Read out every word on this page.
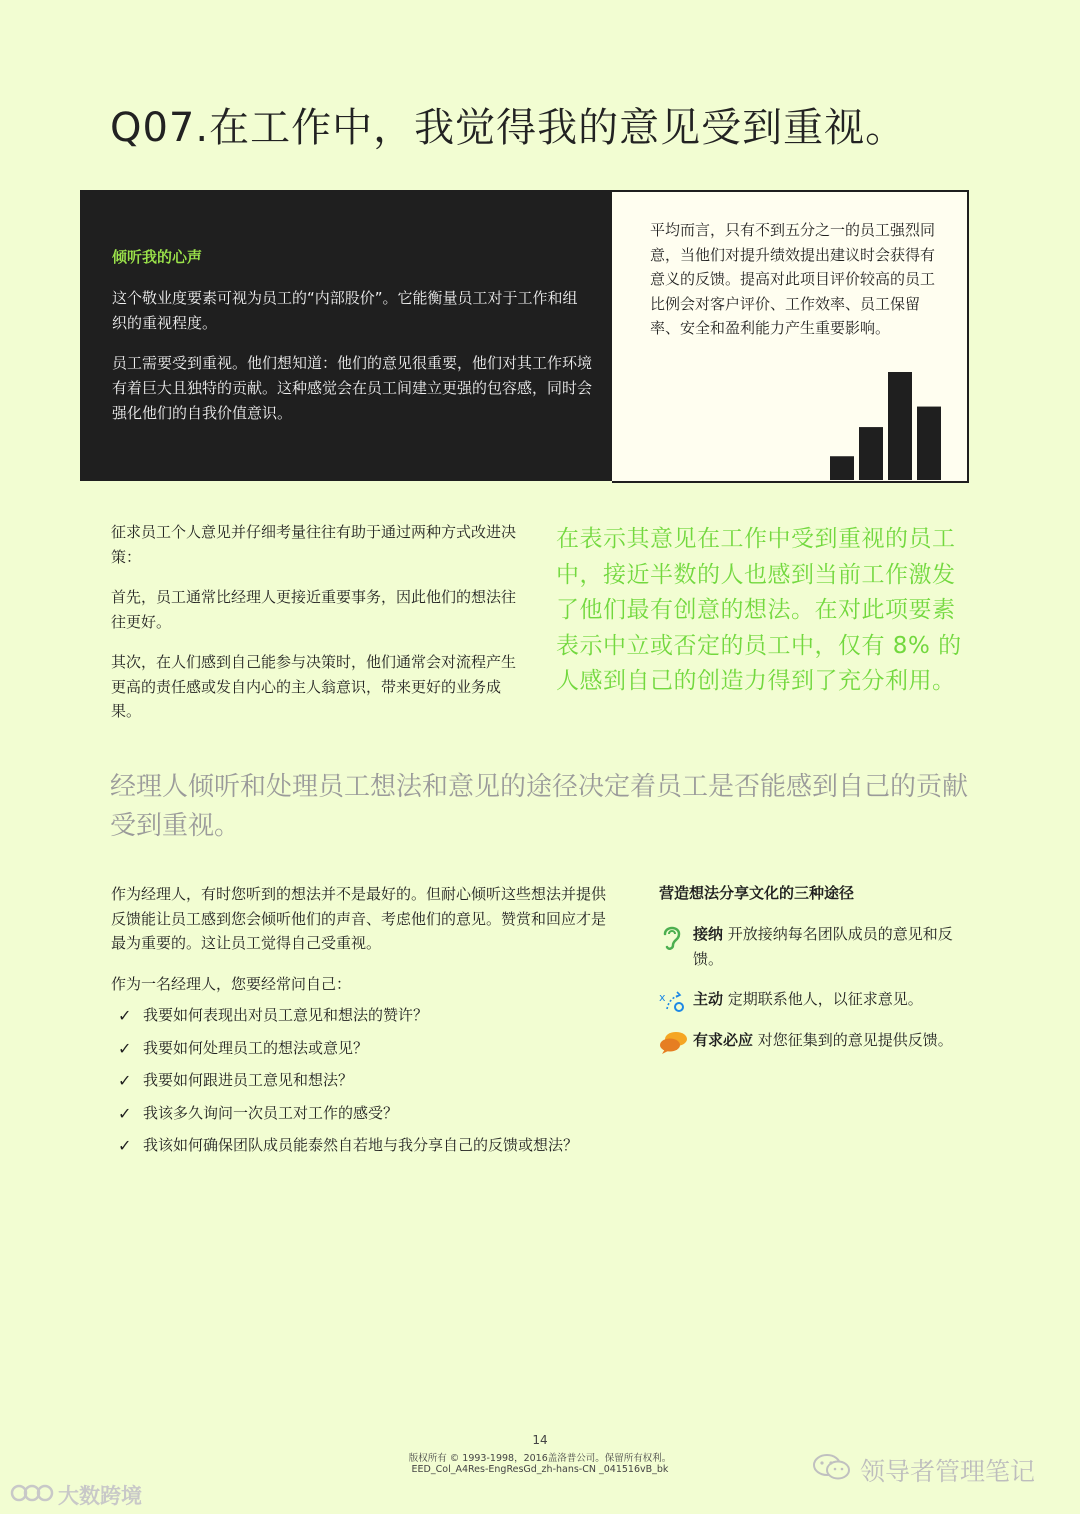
Q07.在工作中，我觉得我的意见受到重视。
倾听我的心声

这个敬业度要素可视为员工的“内部股价”。它能衡量员工对于工作和组织的重视程度。

员工需要受到重视。他们想知道：他们的意见很重要，他们对其工作环境有着巨大且独特的贡献。这种感觉会在员工间建立更强的包容感，同时会强化他们的自我价值意识。

平均而言，只有不到五分之一的员工强烈同意，当他们对提升绩效提出建议时会获得有意义的反馈。提高对此项目评价较高的员工比例会对客户评价、工作效率、员工保留率、安全和盈利能力产生重要影响。

征求员工个人意见并仔细考量往往有助于通过两种方式改进决策：

首先，员工通常比经理人更接近重要事务，因此他们的想法往往更好。

其次，在人们感到自己能参与决策时，他们通常会对流程产生更高的责任感或发自内心的主人翁意识，带来更好的业务成果。

在表示其意见在工作中受到重视的员工中，接近半数的人也感到当前工作激发了他们最有创意的想法。在对此项要素表示中立或否定的员工中，仅有 8% 的人感到自己的创造力得到了充分利用。

经理人倾听和处理员工想法和意见的途径决定着员工是否能感到自己的贡献受到重视。

作为经理人，有时您听到的想法并不是最好的。但耐心倾听这些想法并提供反馈能让员工感到您会倾听他们的声音、考虑他们的意见。赞赏和回应才是最为重要的。这让员工觉得自己受重视。

作为一名经理人，您要经常问自己：

✓ 我要如何表现出对员工意见和想法的赞许？
✓ 我要如何处理员工的想法或意见？
✓ 我要如何跟进员工意见和想法？
✓ 我该多久询问一次员工对工作的感受？
✓ 我该如何确保团队成员能泰然自若地与我分享自己的反馈或想法？
营造想法分享文化的三种途径
接纳 开放接纳每名团队成员的意见和反馈。
x 主动 定期联系他人，以征求意见。
有求必应 对您征集到的意见提供反馈。
14
版权所有 © 1993-1998，2016盖洛普公司。保留所有权利。
EED_Col_A4Res-EngResGd_zh-hans-CN _041516vB_bk	领导者管理笔记
大数跨境
